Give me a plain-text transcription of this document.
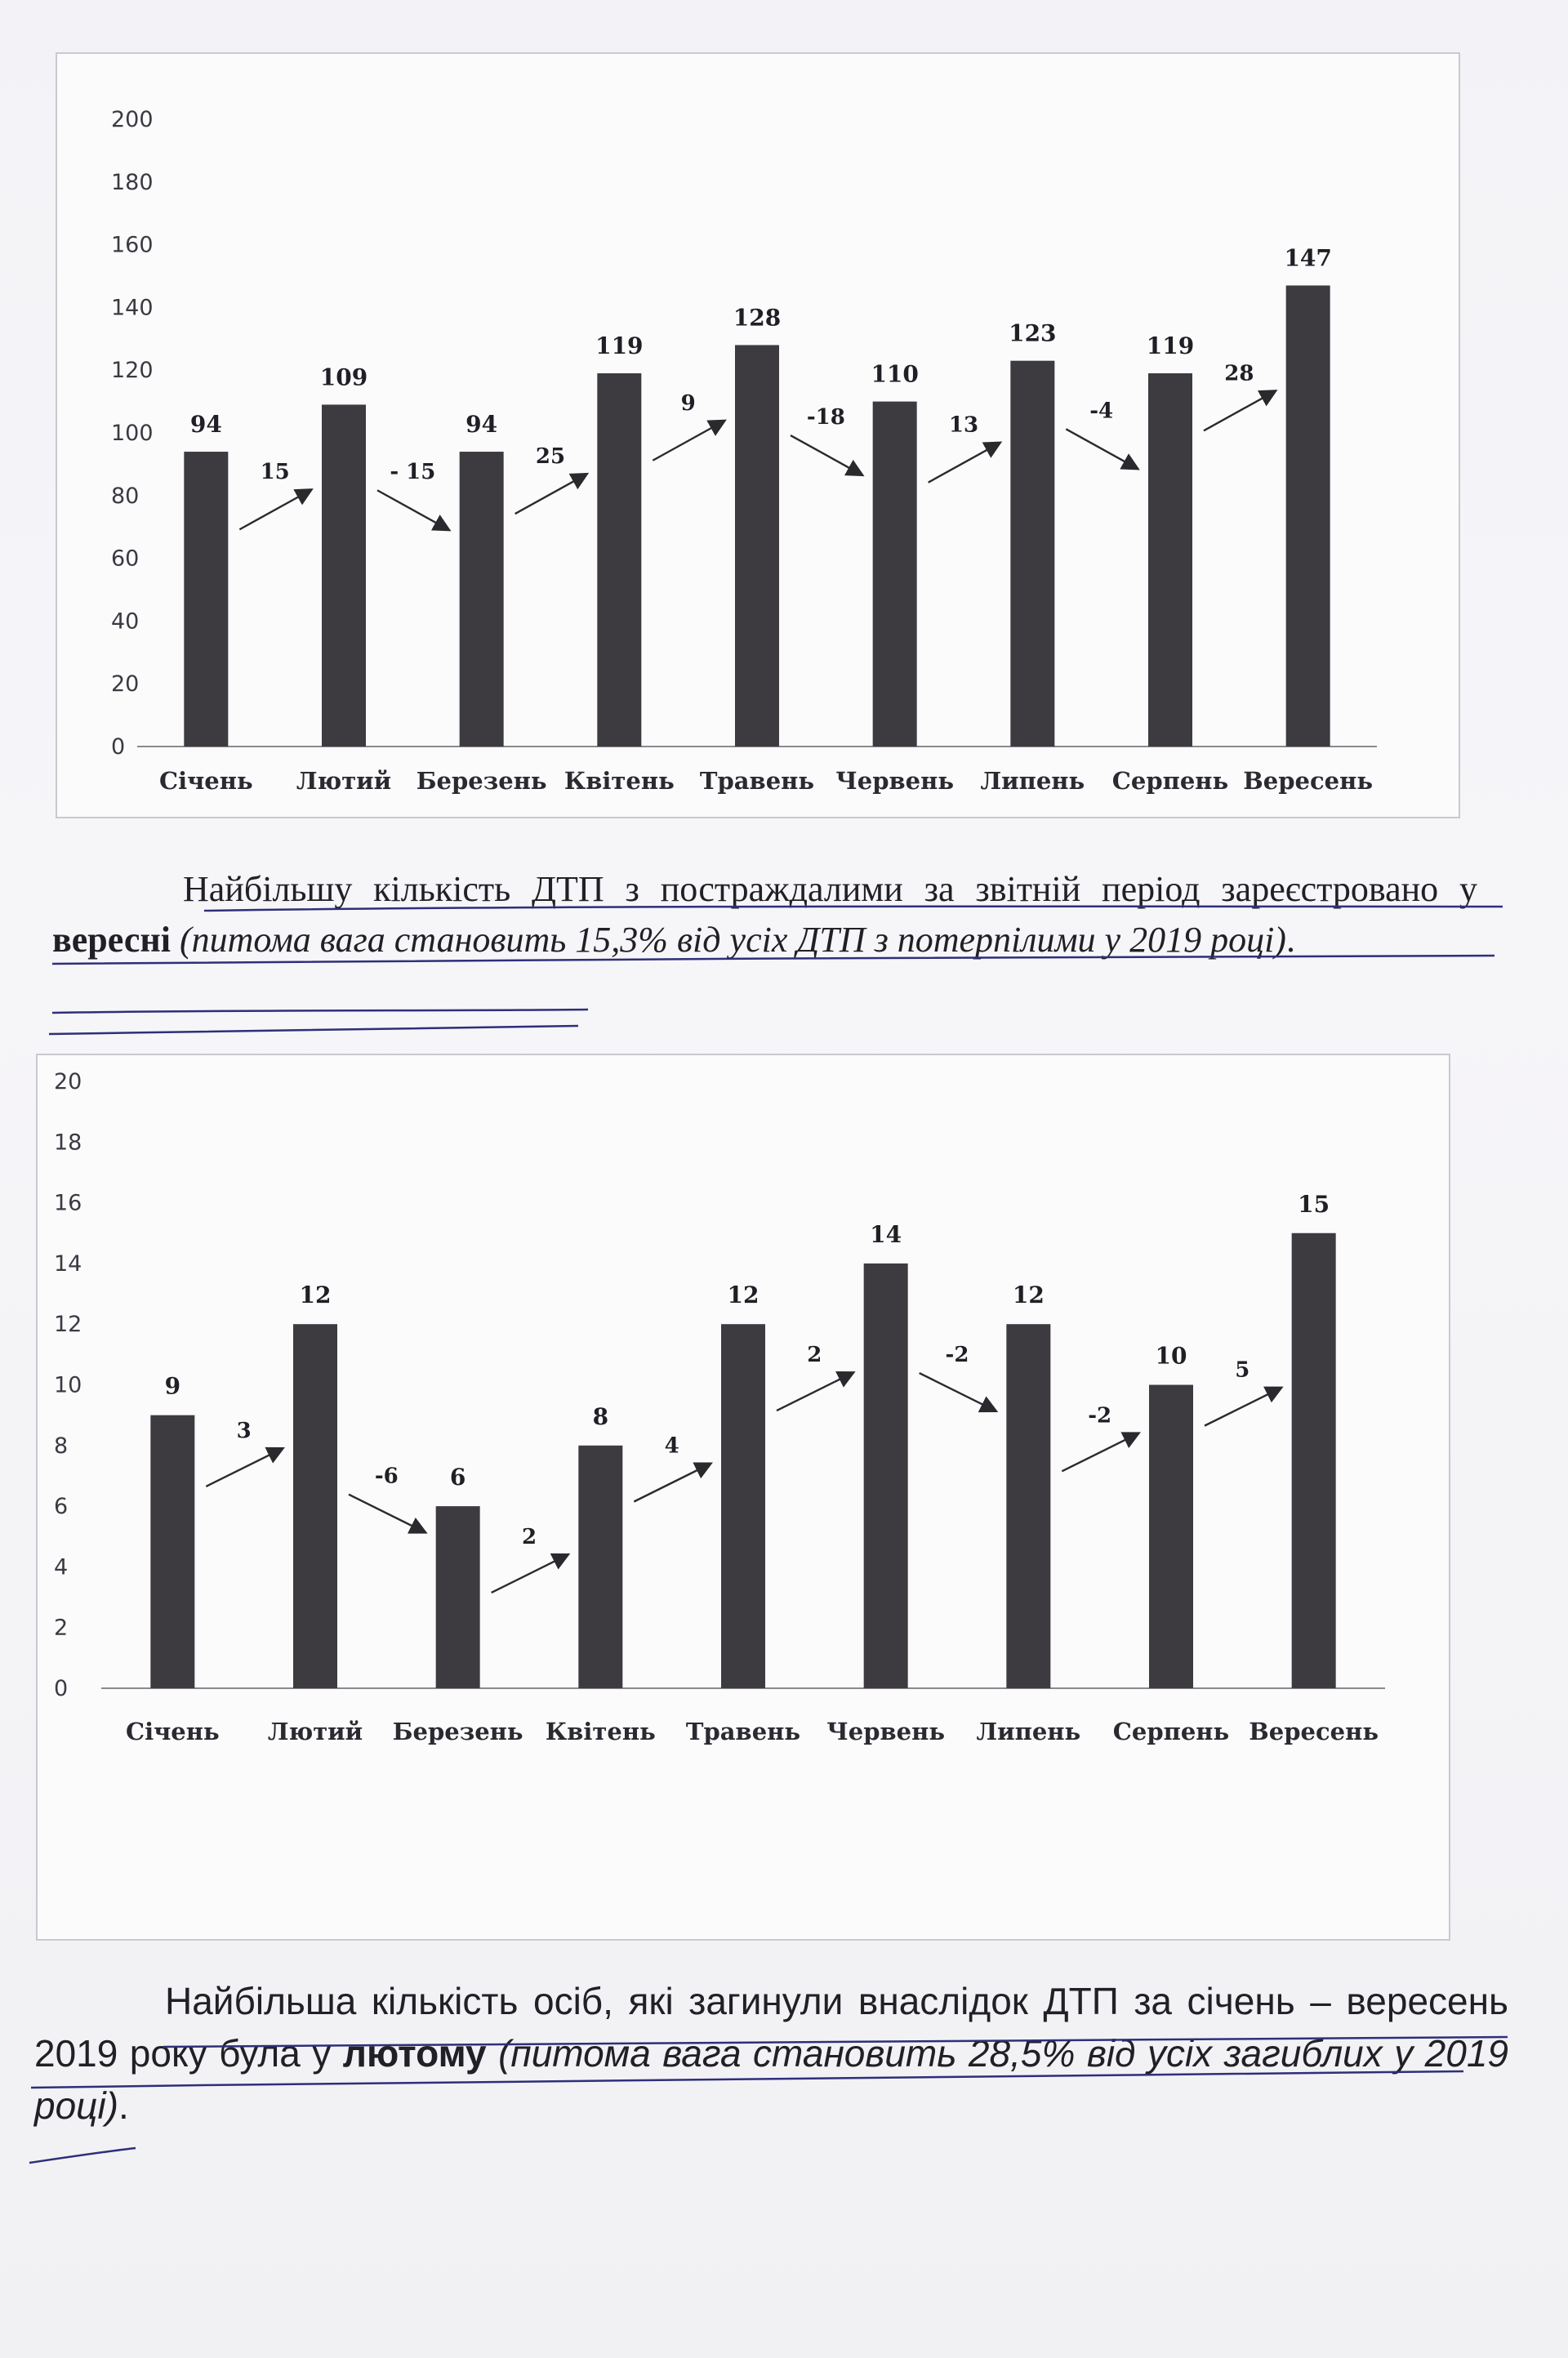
0
20
40
60
80
100
120
140
160
180
200
94
Січень
109
Лютий
94
Березень
119
Квітень
128
Травень
110
Червень
123
Липень
119
Серпень
147
Вересень
15	- 15
25
9
-18	13
-4
28
Найбільшу кількість ДТП з постраждалими за звітній період зареєстровано у вересні (питома вага становить 15,3% від усіх ДТП з потерпілими у 2019 році).
0
2
4
6
8
10
12
14
16
18
20
9
Січень
12
Лютий
6
Березень
8
Квітень
12
Травень
14
Червень
12
Липень
10
Серпень
15
Вересень
3
-6
2
4
2	-2
-2
5
Найбільша кількість осіб, які загинули внаслідок ДТП за січень – вересень 2019 року була у лютому (питома вага становить 28,5% від усіх загиблих у 2019 році).
